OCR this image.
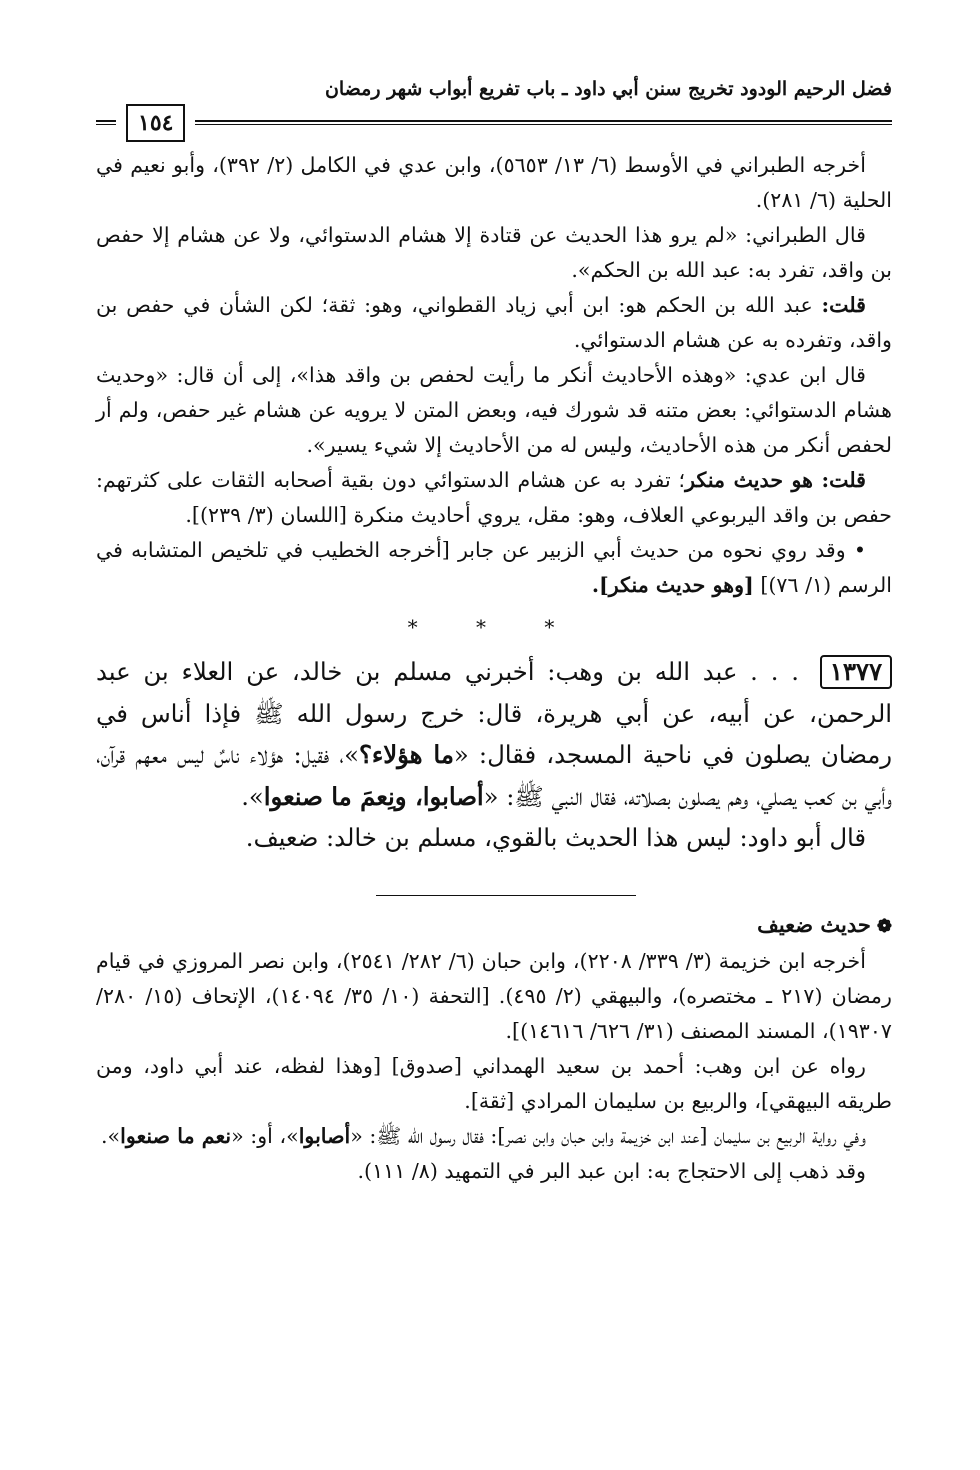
فضل الرحيم الودود تخريج سنن أبي داود ـ باب تفريع أبواب شهر رمضان
١٥٤

أخرجه الطبراني في الأوسط (٦/ ١٣/ ٥٦٥٣)، وابن عدي في الكامل (٢/ ٣٩٢)، وأبو نعيم في الحلية (٦/ ٢٨١).

قال الطبراني: «لم يرو هذا الحديث عن قتادة إلا هشام الدستوائي، ولا عن هشام إلا حفص بن واقد، تفرد به: عبد الله بن الحكم».

قلت: عبد الله بن الحكم هو: ابن أبي زياد القطواني، وهو: ثقة؛ لكن الشأن في حفص بن واقد، وتفرده به عن هشام الدستوائي.

قال ابن عدي: «وهذه الأحاديث أنكر ما رأيت لحفص بن واقد هذا»، إلى أن قال: «وحديث هشام الدستوائي: بعض متنه قد شورك فيه، وبعض المتن لا يرويه عن هشام غير حفص، ولم أر لحفص أنكر من هذه الأحاديث، وليس له من الأحاديث إلا شيء يسير».

قلت: هو حديث منكر؛ تفرد به عن هشام الدستوائي دون بقية أصحابه الثقات على كثرتهم: حفص بن واقد اليربوعي العلاف، وهو: مقل، يروي أحاديث منكرة [اللسان (٣/ ٢٣٩)].

• وقد روي نحوه من حديث أبي الزبير عن جابر [أخرجه الخطيب في تلخيص المتشابه في الرسم (١/ ٧٦)] [وهو حديث منكر].

* * *

١٣٧٧ . . . عبد الله بن وهب: أخبرني مسلم بن خالد، عن العلاء بن عبد الرحمن، عن أبيه، عن أبي هريرة، قال: خرج رسول الله ﷺ فإذا أناس في رمضان يصلون في ناحية المسجد، فقال: «ما هؤلاء؟»، فقيل: هؤلاء ناسٌ ليس معهم قرآن، وأبي بن كعب يصلي، وهم يصلون بصلاته، فقال النبي ﷺ: «أصابوا، ونِعمَ ما صنعوا».

قال أبو داود: ليس هذا الحديث بالقوي، مسلم بن خالد: ضعيف.

❁حديث ضعيف

أخرجه ابن خزيمة (٣/ ٣٣٩/ ٢٢٠٨)، وابن حبان (٦/ ٢٨٢/ ٢٥٤١)، وابن نصر المروزي في قيام رمضان (٢١٧ ـ مختصره)، والبيهقي (٢/ ٤٩٥). [التحفة (١٠/ ٣٥/ ١٤٠٩٤)، الإتحاف (١٥/ ٢٨٠/ ١٩٣٠٧)، المسند المصنف (٣١/ ٦٢٦/ ١٤٦١٦)].

رواه عن ابن وهب: أحمد بن سعيد الهمداني [صدوق] [وهذا لفظه، عند أبي داود، ومن طريقه البيهقي]، والربيع بن سليمان المرادي [ثقة].

وفي رواية الربيع بن سليمان [عند ابن خزيمة وابن حبان وابن نصر]: فقال رسول الله ﷺ: «أصابوا»، أو: «نعم ما صنعوا».

وقد ذهب إلى الاحتجاج به: ابن عبد البر في التمهيد (٨/ ١١١).
